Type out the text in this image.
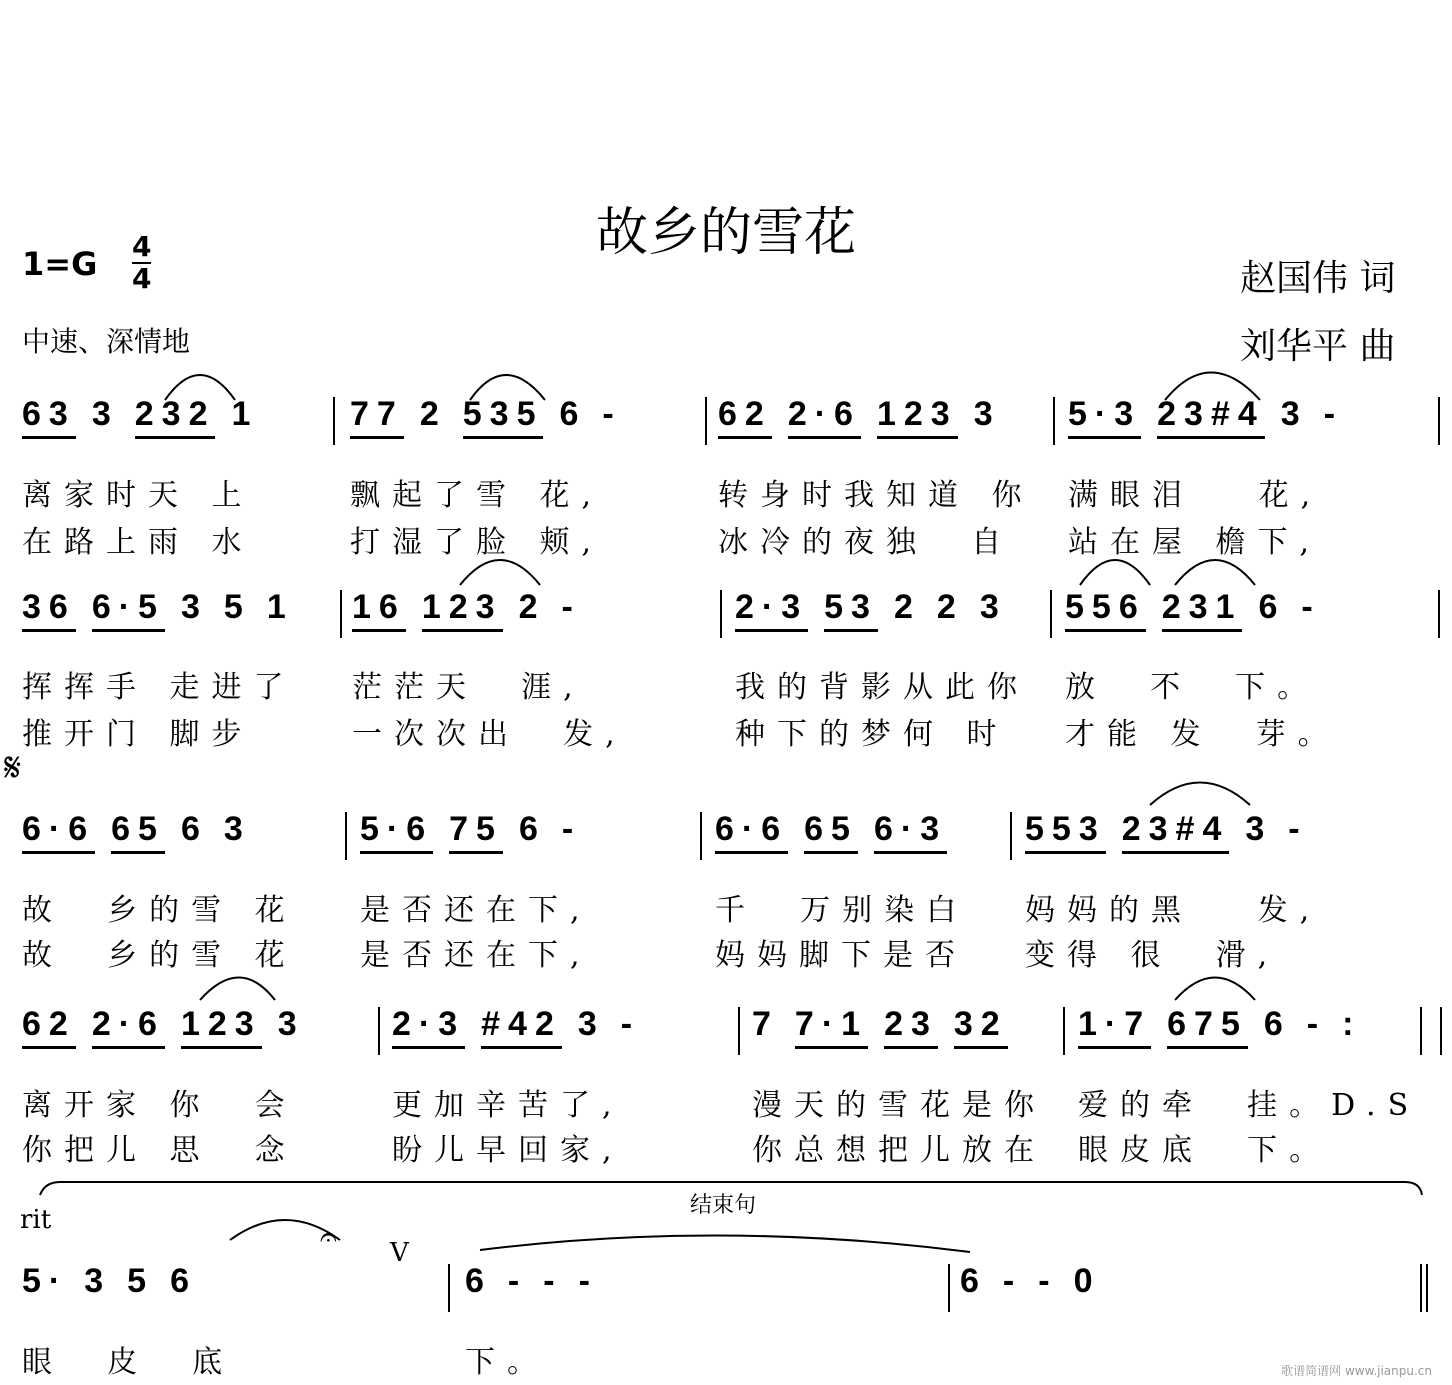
故乡的雪花
1=G 4
4	赵国伟 词
刘华平 曲
中速、深情地
𝄋
rit	𝄐 V
结束句
歌谱简谱网 www.jianpu.cn
63 3 232 1	77 2 535 6 -	62 2·6 123 3 5·3 23#4 3 -
离家时天 上	飘起了雪 花,	转身时我知道 你 满眼泪   花,
在路上雨 水	打湿了脸 颊,	冰冷的夜独  自 站在屋 檐下,
36 6·5 3 5 1 16 123 2 -	2·3 53 2 2 3 556 231 6 -
挥挥手 走进了 茫茫天  涯,	我的背影从此你 放  不  下。
推开门 脚步	一次次出  发,	种下的梦何 时 才能 发  芽。
6·6 65 6 3	5·6 75 6 -	6·6 65 6·3 553 23#4 3 -
故  乡的雪 花 是否还在下,	千  万别染白 妈妈的黑   发,
故  乡的雪 花 是否还在下,	妈妈脚下是否 变得 很  滑,
62 2·6 123 3	2·3 #42 3 -	7 7·1 23 32 1·7 675 6 - :
离开家 你  会	更加辛苦了,	漫天的雪花是你 爱的牵  挂。D.S
你把儿 思  念	盼儿早回家,	你总想把儿放在 眼皮底  下。
5· 3 5 6	6 - - -	6 - - 0
眼  皮  底	下。
